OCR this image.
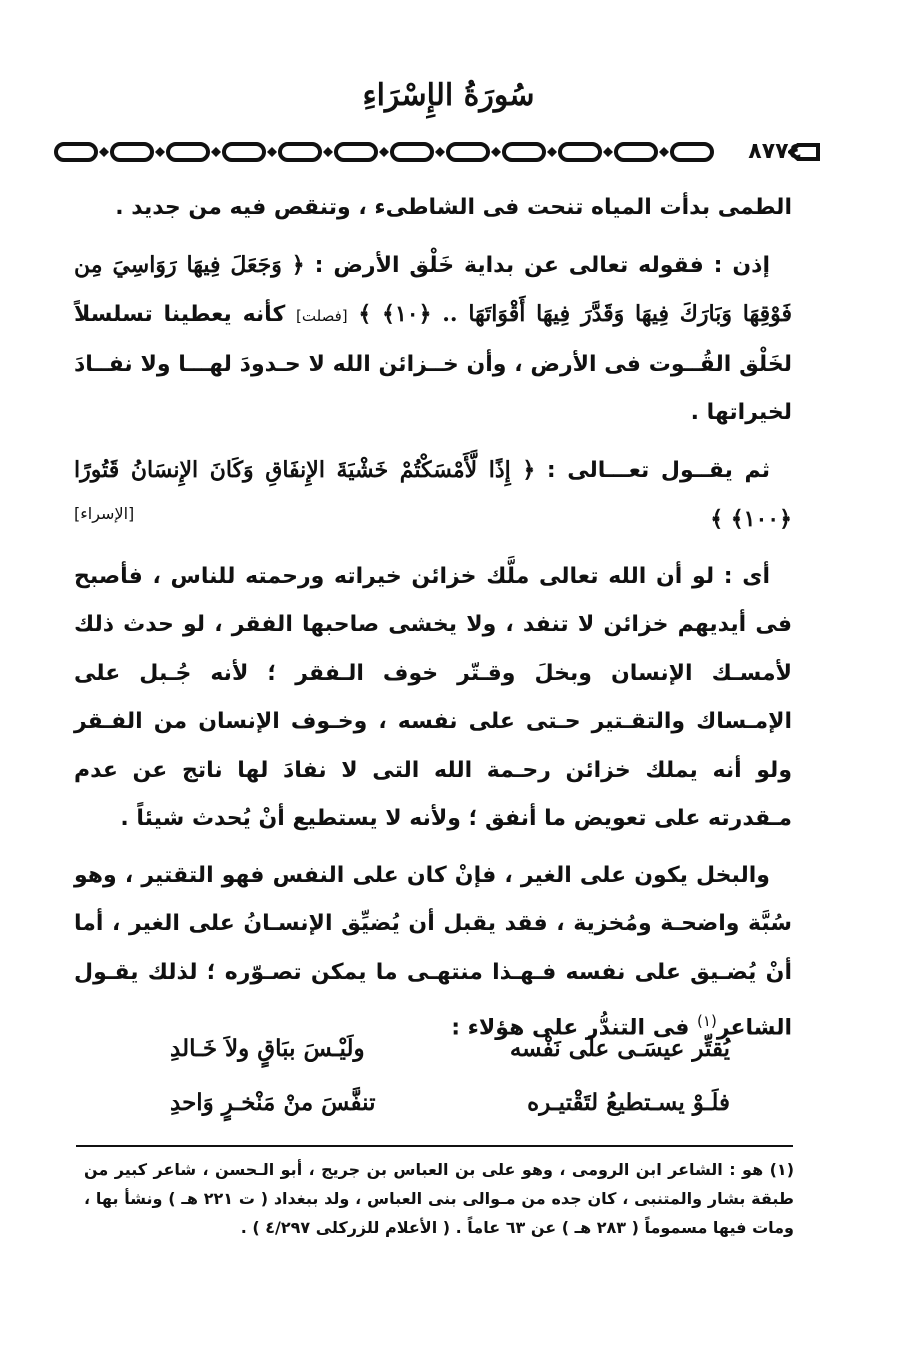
سُورَةُ الإِسْرَاءِ
٨٧٧٤

الطمى بدأت المياه تنحت فى الشاطىء ، وتنقص فيه من جديد .

إذن : فقوله تعالى عن بداية خَلْق الأرض : ﴿ وَجَعَلَ فِيهَا رَوَاسِيَ مِن فَوْقِهَا وَبَارَكَ فِيهَا وَقَدَّرَ فِيهَا أَقْوَاتَهَا .. ﴿١٠﴾ ﴾ [فصلت] كأنه يعطينا تسلسلاً لخَلْق القُــوت فى الأرض ، وأن خــزائن الله لا حـدودَ لهـــا ولا نفــادَ لخيراتها .

ثم يقــول تعـــالى : ﴿ إِذًا لَّأَمْسَكْتُمْ خَشْيَةَ الإِنفَاقِ وَكَانَ الإِنسَانُ قَتُورًا ﴿١٠٠﴾ ﴾
[الإسراء]

أى : لو أن الله تعالى ملَّك خزائن خيراته ورحمته للناس ، فأصبح فى أيديهم خزائن لا تنفد ، ولا يخشى صاحبها الفقر ، لو حدث ذلك لأمسـك الإنسان وبخلَ وقـتّر خوف الـفقر ؛ لأنه جُـبل على الإمـساك والتقـتير حـتى على نفسه ، وخـوف الإنسان من الفـقر ولو أنه يملك خزائن رحـمة الله التى لا نفادَ لها ناتج عن عدم مـقدرته على تعويض ما أنفق ؛ ولأنه لا يستطيع أنْ يُحدث شيئاً .

والبخل يكون على الغير ، فإنْ كان على النفس فهو التقتير ، وهو سُبَّة واضحـة ومُخزية ، فقد يقبل أن يُضيِّق الإنسـانُ على الغير ، أما أنْ يُضـيق على نفسه فـهـذا منتهـى ما يمكن تصـوّره ؛ لذلك يقـول الشاعر$^{(١)}$ فى التندُّر على هؤلاء :

يُقتِّر عيسَـى علَى نَفْسه
ولَيْـسَ ببَاقٍ ولاَ خَـالدِ
فلَـوْ يسـتطيعُ لتَقْتيـره
تنفَّسَ منْ مَنْخـرٍ وَاحدِ

(١) هو : الشاعر ابن الرومى ، وهو على بن العباس بن جريج ، أبو الـحسن ، شاعر كبير من طبقة بشار والمتنبى ، كان جده من مـوالى بنى العباس ، ولد ببغداد ( ت ٢٢١ هـ ) ونشأ بها ، ومات فيها مسموماً ( ٢٨٣ هـ ) عن ٦٣ عاماً . ( الأعلام للزركلى ٤/٢٩٧ ) .
